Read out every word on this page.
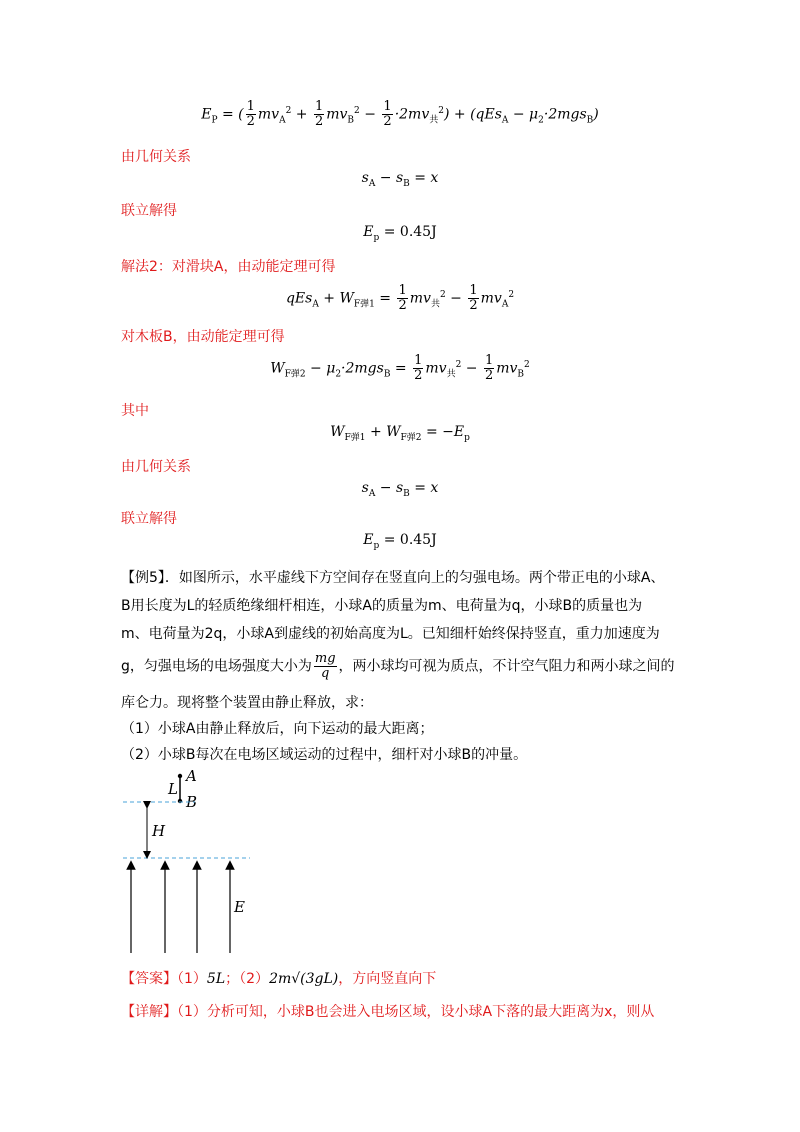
$E_P$ = ( $\frac{1}{2} mv_A^2 + \frac{1}{2} mv_B^2 - \frac{1}{2} \cdot 2mv_共^2) + (qEs_A - \mu_2\cdot 2mgs_B)$
由几何关系
$s_A - s_B = x$
联立解得
$E_p = 0.45J$
解法2：对滑块A，由动能定理可得
$qEs_A + W_{F弹1} = \frac{1}{2} mv_共^2 - \frac{1}{2} mv_A^2$
对木板B，由动能定理可得
$W_{F弹2} - \mu_2\cdot 2mgs_B = \frac{1}{2} mv_共^2 - \frac{1}{2} mv_B^2$
其中
$W_{F弹1} + W_{F弹2} = -E_p$
由几何关系
$s_A - s_B = x$
联立解得
$E_p = 0.45J$
【例5】．如图所示，水平虚线下方空间存在竖直向上的匀强电场。两个带正电的小球A、
B用长度为L的轻质绝缘细杆相连，小球A的质量为m、电荷量为q，小球B的质量也为
m、电荷量为2q，小球A到虚线的初始高度为L。已知细杆始终保持竖直，重力加速度为
g，匀强电场的电场强度大小为 $\frac{mg}{q}$ ，两小球均可视为质点，不计空气阻力和两小球之间的
库仑力。现将整个装置由静止释放，求：
（1）小球A由静止释放后，向下运动的最大距离；
（2）小球B每次在电场区域运动的过程中，细杆对小球B的冲量。
A
B
L
H
E
【答案】（1）5L；（2）2m√(3gL)，方向竖直向下
【详解】（1）分析可知，小球B也会进入电场区域，设小球A下落的最大距离为x，则从
